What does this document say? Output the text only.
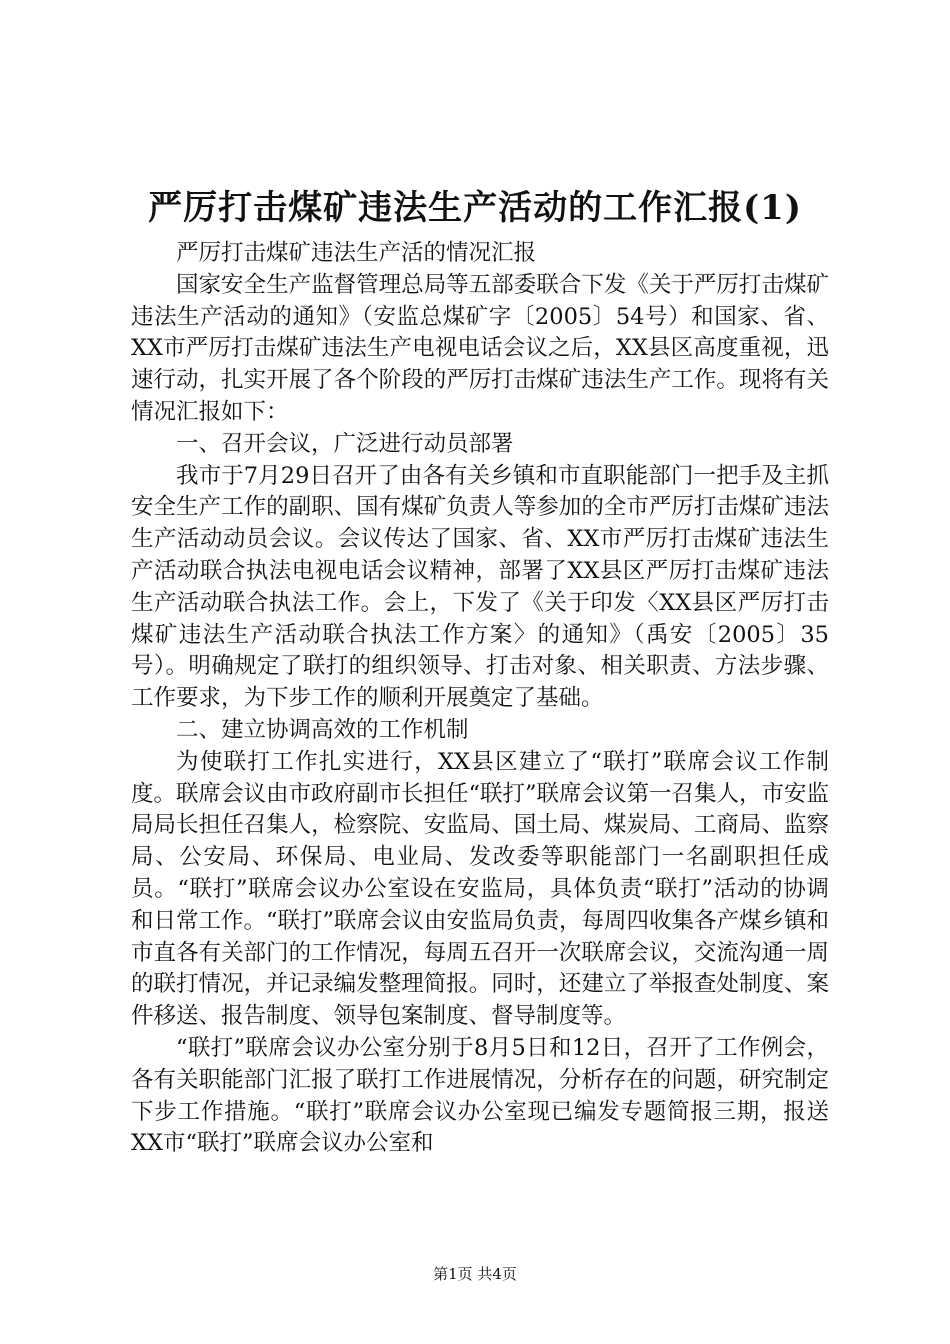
严厉打击煤矿违法生产活动的工作汇报(1)

严厉打击煤矿违法生产活的情况汇报

国家安全生产监督管理总局等五部委联合下发《关于严厉打击煤矿违法生产活动的通知》（安监总煤矿字〔2005〕54号）和国家、省、XX市严厉打击煤矿违法生产电视电话会议之后，XX县区高度重视，迅速行动，扎实开展了各个阶段的严厉打击煤矿违法生产工作。现将有关情况汇报如下：

一、召开会议，广泛进行动员部署

我市于7月29日召开了由各有关乡镇和市直职能部门一把手及主抓安全生产工作的副职、国有煤矿负责人等参加的全市严厉打击煤矿违法生产活动动员会议。会议传达了国家、省、XX市严厉打击煤矿违法生产活动联合执法电视电话会议精神，部署了XX县区严厉打击煤矿违法生产活动联合执法工作。会上，下发了《关于印发〈XX县区严厉打击煤矿违法生产活动联合执法工作方案〉的通知》（禹安〔2005〕35号）。明确规定了联打的组织领导、打击对象、相关职责、方法步骤、工作要求，为下步工作的顺利开展奠定了基础。

二、建立协调高效的工作机制

为使联打工作扎实进行，XX县区建立了“联打”联席会议工作制度。联席会议由市政府副市长担任“联打”联席会议第一召集人，市安监局局长担任召集人，检察院、安监局、国土局、煤炭局、工商局、监察局、公安局、环保局、电业局、发改委等职能部门一名副职担任成员。“联打”联席会议办公室设在安监局，具体负责“联打”活动的协调和日常工作。“联打”联席会议由安监局负责，每周四收集各产煤乡镇和市直各有关部门的工作情况，每周五召开一次联席会议，交流沟通一周的联打情况，并记录编发整理简报。同时，还建立了举报查处制度、案件移送、报告制度、领导包案制度、督导制度等。

“联打”联席会议办公室分别于8月5日和12日，召开了工作例会，各有关职能部门汇报了联打工作进展情况，分析存在的问题，研究制定下步工作措施。“联打”联席会议办公室现已编发专题简报三期，报送XX市“联打”联席会议办公室和

第1页 共4页
